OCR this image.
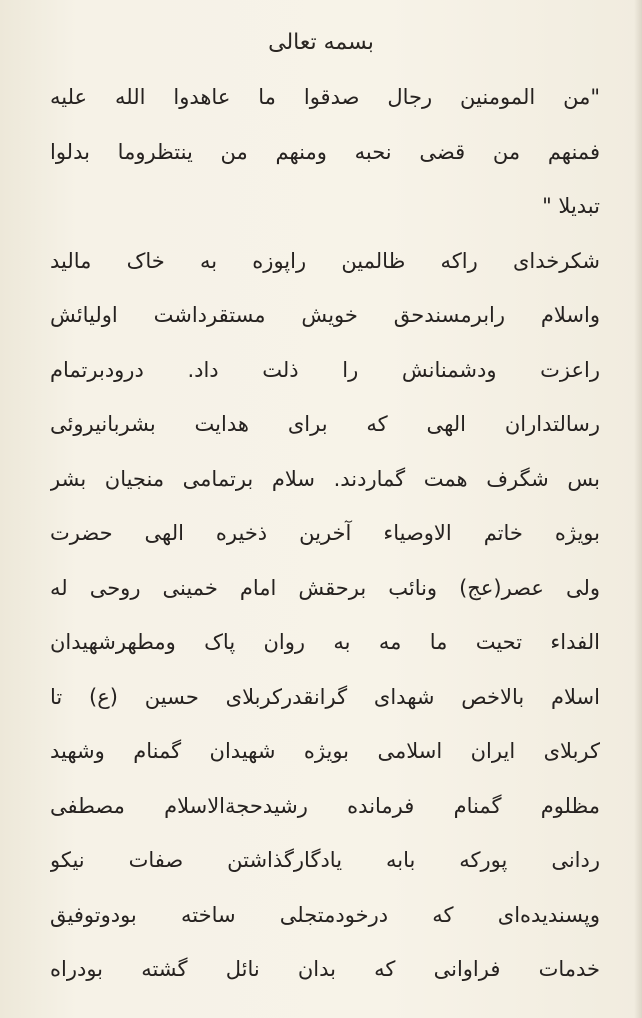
بسمه تعالی
"من المومنین رجال صدقوا ما عاهدوا الله علیه
فمنهم من قضی نحبه ومنهم من ینتظروما بدلوا
تبدیلا "
شکرخدای راکه ظالمین راپوزه به خاک مالید
واسلام رابرمسندحق خویش مستقرداشت اولیائش
راعزت ودشمنانش را ذلت داد. درودبرتمام
رسالتداران الهی که برای هدایت بشربانیروئی
بس شگرف همت گماردند. سلام برتمامی منجیان بشر
بویژه خاتم الاوصیاء آخرین ذخیره الهی حضرت
ولی عصر(عج) ونائب برحقش امام خمینی روحی له
الفداء تحیت ما مه به روان پاک ومطهرشهیدان
اسلام بالاخص شهدای گرانقدرکربلای حسین (ع) تا
کربلای ایران اسلامی بویژه شهیدان گمنام وشهید
مظلوم گمنام فرمانده رشیدحجةالاسلام مصطفی
ردانی پورکه بابه یادگارگذاشتن صفات نیکو
وپسندیده‌ای که درخودمتجلی ساخته بودوتوفیق
خدمات فراوانی که بدان نائل گشته بودراه
